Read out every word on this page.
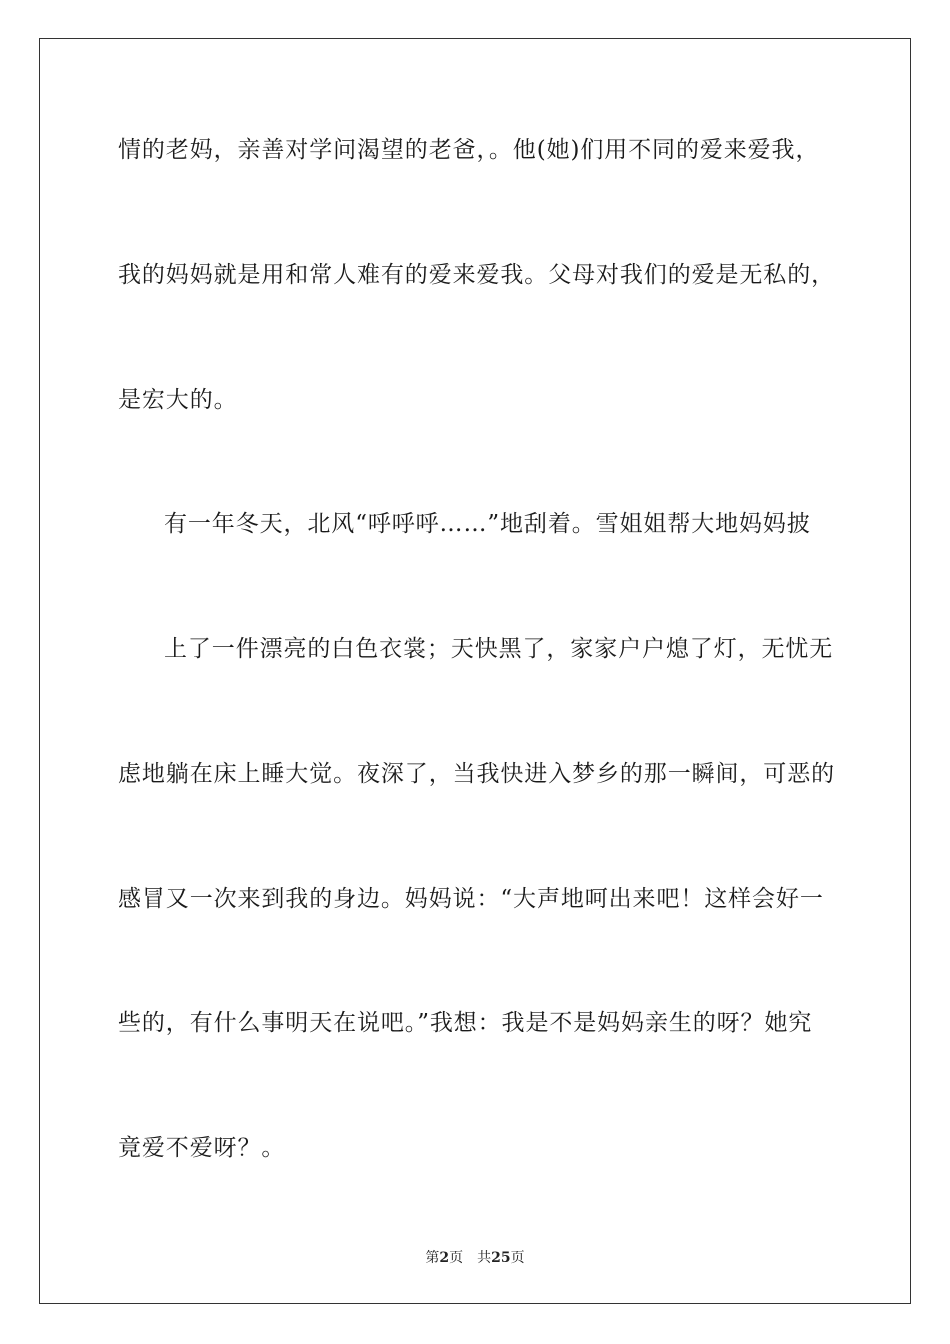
情的老妈，亲善对学问渴望的老爸，。他(她)们用不同的爱来爱我，
我的妈妈就是用和常人难有的爱来爱我。父母对我们的爱是无私的，
是宏大的。
有一年冬天，北风“呼呼呼……”地刮着。雪姐姐帮大地妈妈披
上了一件漂亮的白色衣裳；天快黑了，家家户户熄了灯，无忧无
虑地躺在床上睡大觉。夜深了，当我快进入梦乡的那一瞬间，可恶的
感冒又一次来到我的身边。妈妈说：“大声地呵出来吧！这样会好一
些的，有什么事明天在说吧。”我想：我是不是妈妈亲生的呀？她究
竟爱不爱呀？。
第2页 共25页
